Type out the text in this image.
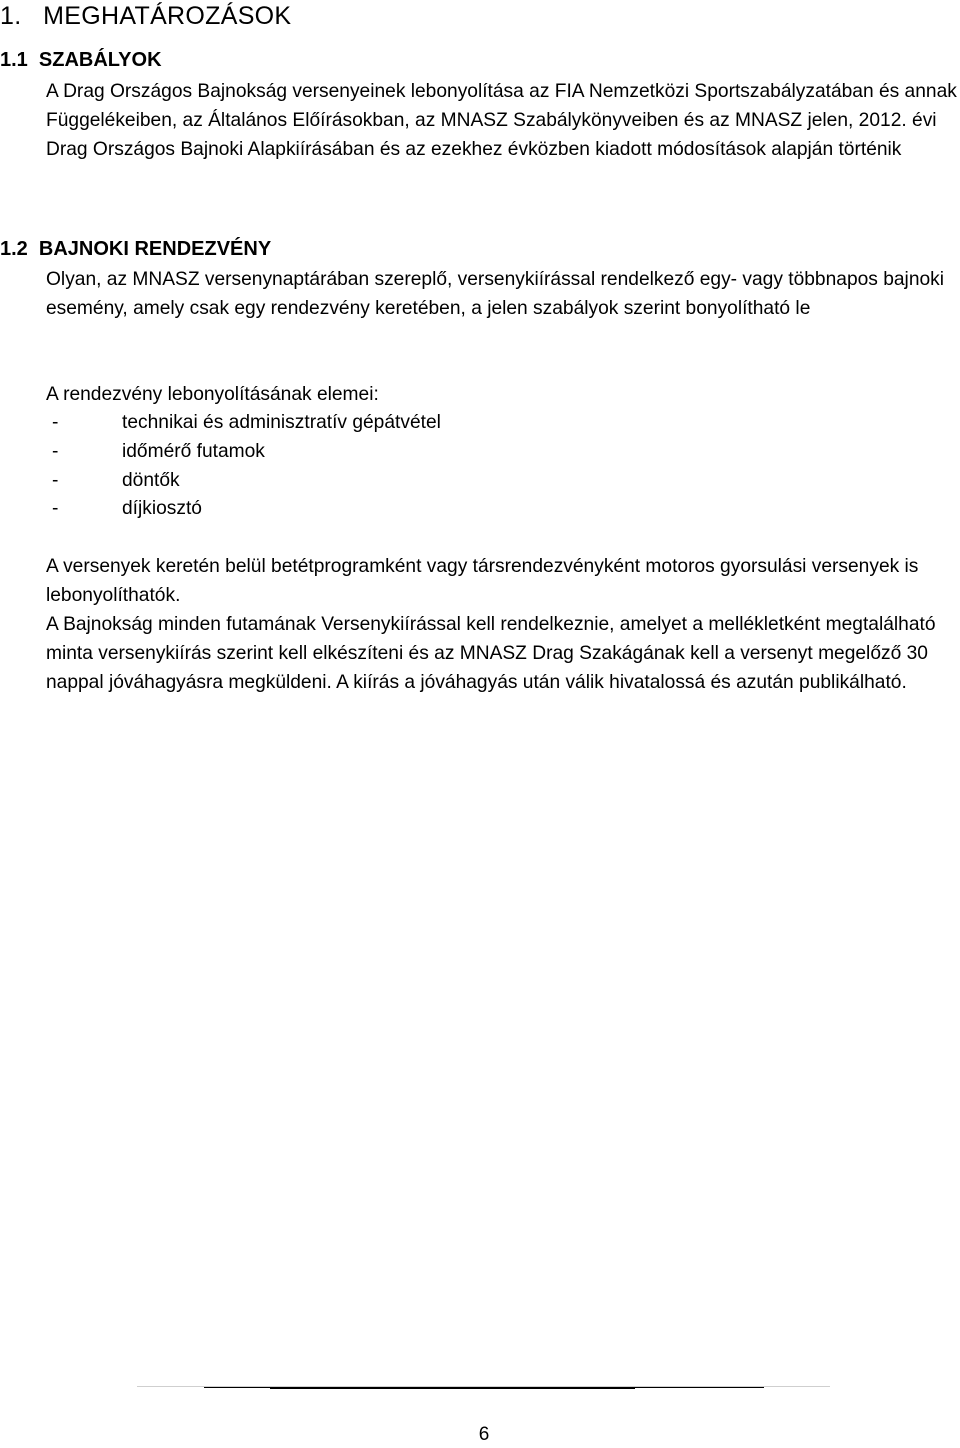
1.   MEGHATÁROZÁSOK
1.1  SZABÁLYOK

A Drag Országos Bajnokság versenyeinek lebonyolítása az FIA Nemzetközi Sportszabályzatában és annak Függelékeiben, az Általános Előírásokban, az MNASZ Szabálykönyveiben és az MNASZ jelen, 2012. évi Drag Országos Bajnoki Alapkiírásában és az ezekhez évközben kiadott módosítások alapján történik

1.2  BAJNOKI RENDEZVÉNY

Olyan, az MNASZ versenynaptárában szereplő, versenykiírással rendelkező egy- vagy többnapos bajnoki esemény, amely csak egy rendezvény keretében, a jelen szabályok szerint bonyolítható le

A rendezvény lebonyolításának elemei:

-	technikai és adminisztratív gépátvétel
-	időmérő futamok
-	döntők
-	díjkiosztó

A versenyek keretén belül betétprogramként vagy társrendezvényként motoros gyorsulási versenyek is lebonyolíthatók.

A Bajnokság minden futamának Versenykiírással kell rendelkeznie, amelyet a mellékletként megtalálható minta versenykiírás szerint kell elkészíteni és az MNASZ Drag Szakágának kell a versenyt megelőző 30 nappal jóváhagyásra megküldeni. A kiírás a jóváhagyás után válik hivatalossá és azután publikálható.

6
